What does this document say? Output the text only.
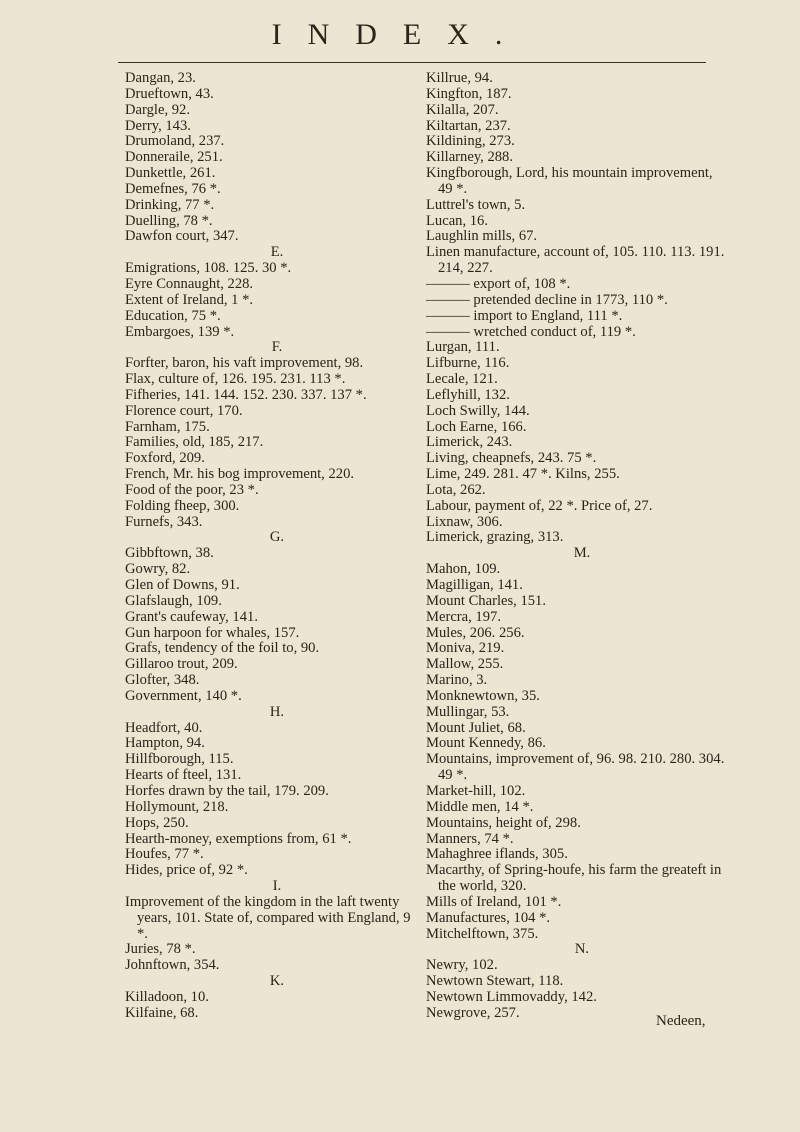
INDEX.
Dangan, 23.
Drueftown, 43.
Dargle, 92.
Derry, 143.
Drumoland, 237.
Donneraile, 251.
Dunkettle, 261.
Demefnes, 76 *.
Drinking, 77 *.
Duelling, 78 *.
Dawfon court, 347.
E.
Emigrations, 108. 125. 30 *.
Eyre Connaught, 228.
Extent of Ireland, 1 *.
Education, 75 *.
Embargoes, 139 *.
F.
Forfter, baron, his vaft improvement, 98.
Flax, culture of, 126. 195. 231. 113 *.
Fifheries, 141. 144. 152. 230. 337. 137 *.
Florence court, 170.
Farnham, 175.
Families, old, 185, 217.
Foxford, 209.
French, Mr. his bog improvement, 220.
Food of the poor, 23 *.
Folding fheep, 300.
Furnefs, 343.
G.
Gibbftown, 38.
Gowry, 82.
Glen of Downs, 91.
Glafslaugh, 109.
Grant's caufeway, 141.
Gun harpoon for whales, 157.
Grafs, tendency of the foil to, 90.
Gillaroo trout, 209.
Glofter, 348.
Government, 140 *.
H.
Headfort, 40.
Hampton, 94.
Hillfborough, 115.
Hearts of fteel, 131.
Horfes drawn by the tail, 179. 209.
Hollymount, 218.
Hops, 250.
Hearth-money, exemptions from, 61 *.
Houfes, 77 *.
Hides, price of, 92 *.
I.
Improvement of the kingdom in the laft twenty years, 101. State of, compared with England, 9 *.
Juries, 78 *.
Johnftown, 354.
K.
Killadoon, 10.
Kilfaine, 68.
Killrue, 94.
Kingfton, 187.
Kilalla, 207.
Kiltartan, 237.
Kildining, 273.
Killarney, 288.
Kingfborough, Lord, his mountain improvement, 49 *.
Luttrel's town, 5.
Lucan, 16.
Laughlin mills, 67.
Linen manufacture, account of, 105. 110. 113. 191. 214, 227.
——— export of, 108 *.
——— pretended decline in 1773, 110 *.
——— import to England, 111 *.
——— wretched conduct of, 119 *.
Lurgan, 111.
Lifburne, 116.
Lecale, 121.
Leflyhill, 132.
Loch Swilly, 144.
Loch Earne, 166.
Limerick, 243.
Living, cheapnefs, 243. 75 *.
Lime, 249. 281. 47 *. Kilns, 255.
Lota, 262.
Labour, payment of, 22 *. Price of, 27.
Lixnaw, 306.
Limerick, grazing, 313.
M.
Mahon, 109.
Magilligan, 141.
Mount Charles, 151.
Mercra, 197.
Mules, 206. 256.
Moniva, 219.
Mallow, 255.
Marino, 3.
Monknewtown, 35.
Mullingar, 53.
Mount Juliet, 68.
Mount Kennedy, 86.
Mountains, improvement of, 96. 98. 210. 280. 304. 49 *.
Market-hill, 102.
Middle men, 14 *.
Mountains, height of, 298.
Manners, 74 *.
Mahaghree iflands, 305.
Macarthy, of Spring-houfe, his farm the greateft in the world, 320.
Mills of Ireland, 101 *.
Manufactures, 104 *.
Mitchelftown, 375.
N.
Newry, 102.
Newtown Stewart, 118.
Newtown Limmovaddy, 142.
Newgrove, 257.
Nedeen,
